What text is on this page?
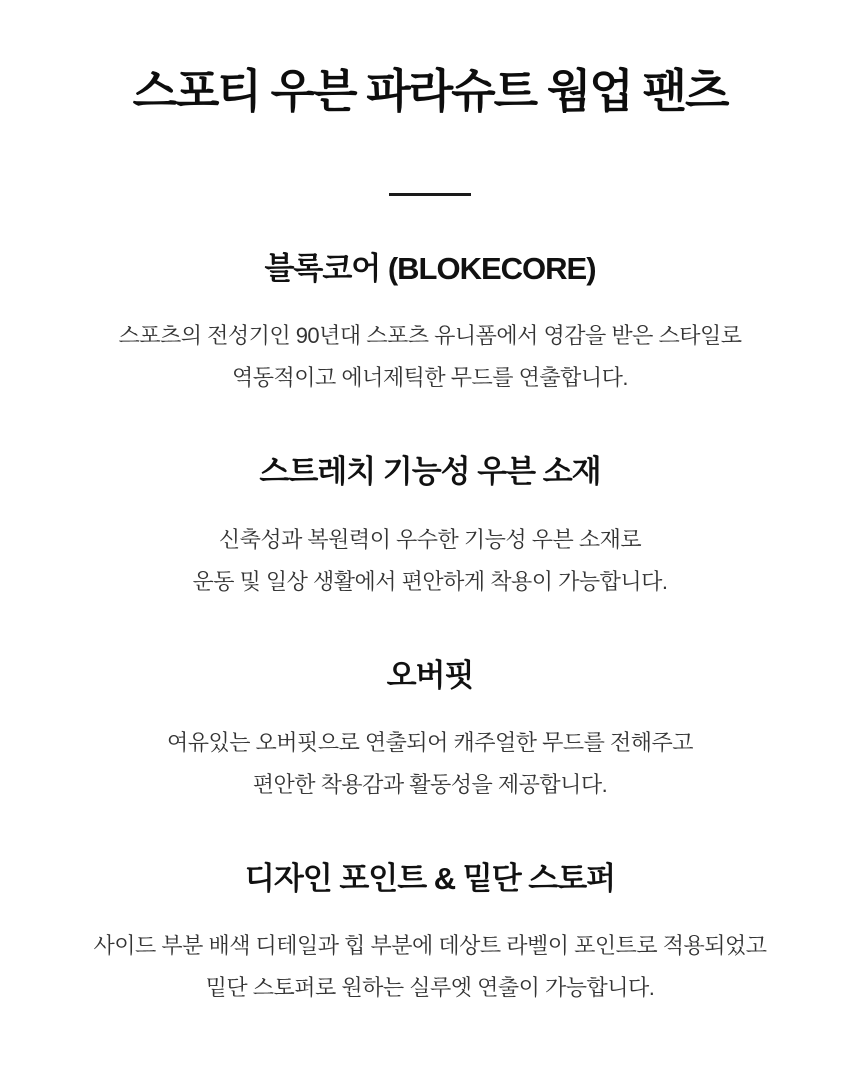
스포티 우븐 파라슈트 웜업 팬츠
블록코어 (BLOKECORE)

스포츠의 전성기인 90년대 스포츠 유니폼에서 영감을 받은 스타일로
역동적이고 에너제틱한 무드를 연출합니다.

스트레치 기능성 우븐 소재

신축성과 복원력이 우수한 기능성 우븐 소재로
운동 및 일상 생활에서 편안하게 착용이 가능합니다.

오버핏

여유있는 오버핏으로 연출되어 캐주얼한 무드를 전해주고
편안한 착용감과 활동성을 제공합니다.

디자인 포인트 & 밑단 스토퍼

사이드 부분 배색 디테일과 힙 부분에 데상트 라벨이 포인트로 적용되었고
밑단 스토퍼로 원하는 실루엣 연출이 가능합니다.
